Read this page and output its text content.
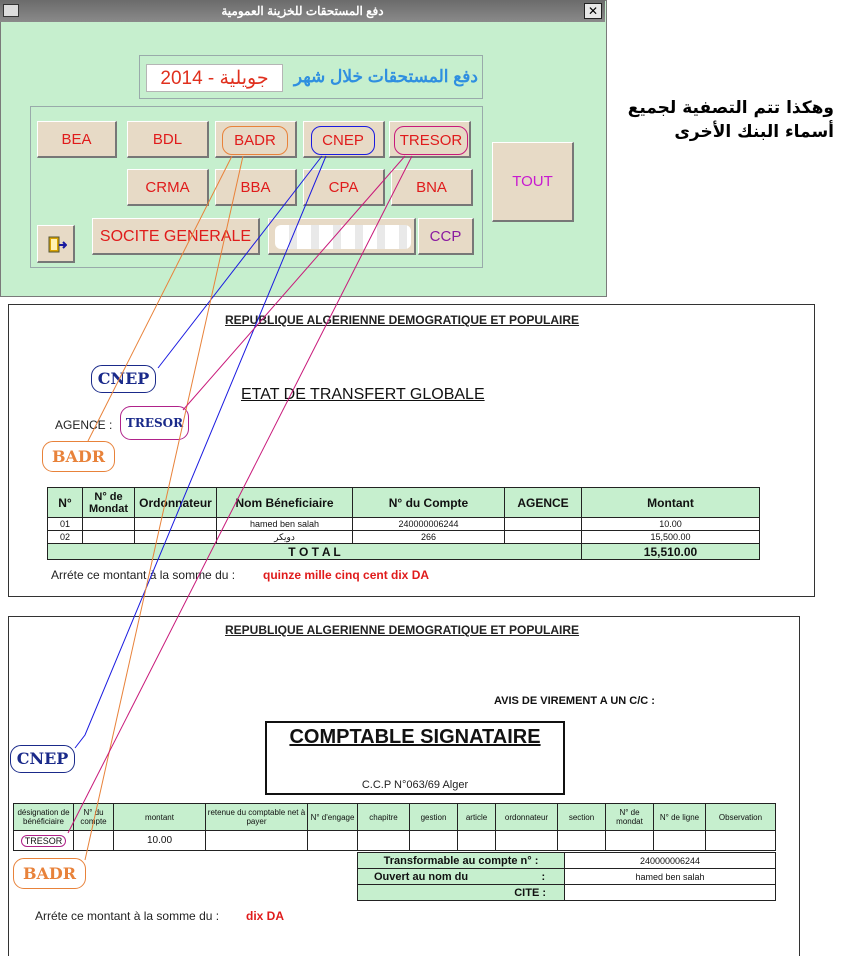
دفع المستحقات للخزينة العمومية	✕
جويلية - 2014	دفع المستحقات خلال شهر
BEA	BDL	BADR	CNEP	TRESOR
CRMA	BBA	CPA	BNA	TOUT
SOCITE GENERALE	CCP
وهكذا تتم التصفية لجميع
أسماء البنك الأخرى
REPUBLIQUE ALGERIENNE DEMOGRATIQUE ET POPULAIRE
ETAT DE TRANSFERT GLOBALE
AGENCE :	TRESOR
CNEP
BADR
N°	N° de Mondat	Ordonnateur	Nom Béneficiaire	N° du Compte	AGENCE	Montant
01			hamed ben salah	240000006244		10.00
02			دويكر	266		15,500.00
T O T A L						15,510.00
Arréte ce montant à la somme du : quinze mille cinq cent dix DA
REPUBLIQUE ALGERIENNE DEMOGRATIQUE ET POPULAIRE
AVIS DE VIREMENT A UN C/C :
COMPTABLE SIGNATAIRE
C.C.P N°063/69 Alger
CNEP
désignation de bénéficiaire	N° du compte	montant	retenue du comptable net à payer	N° d'engage	chapitre	gestion	article	ordonnateur	section	N° de mondat	N° de ligne	Observation
TRESOR		10.00										
Transformable au compte n° :	240000006244
Ouvert au nom du :	hamed ben salah
CITE :	
BADR
Arréte ce montant à la somme du : dix DA
